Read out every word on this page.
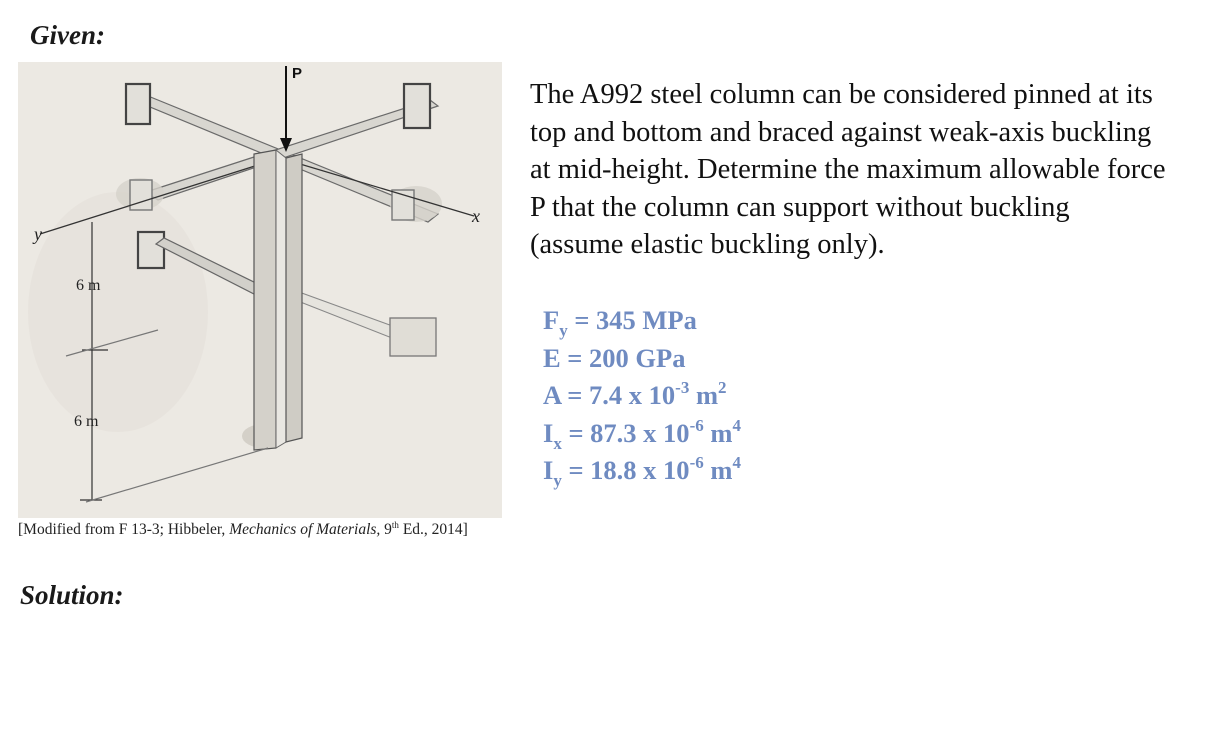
Given:
y
x
P
6 m
6 m
[Modified from F 13-3; Hibbeler, Mechanics of Materials, 9th Ed., 2014]
The A992 steel column can be considered pinned at its
top and bottom and braced against weak-axis buckling
at mid-height. Determine the maximum allowable force
P that the column can support without buckling
(assume elastic buckling only).
$F_y = 345$ MPa
E = 200 GPa
A = 7.4 x $10^{-3}$ $m^2$
$I_x = 87.3$ x $10^{-6}$ $m^4$
$I_y = 18.8$ x $10^{-6}$ $m^4$
Solution:
